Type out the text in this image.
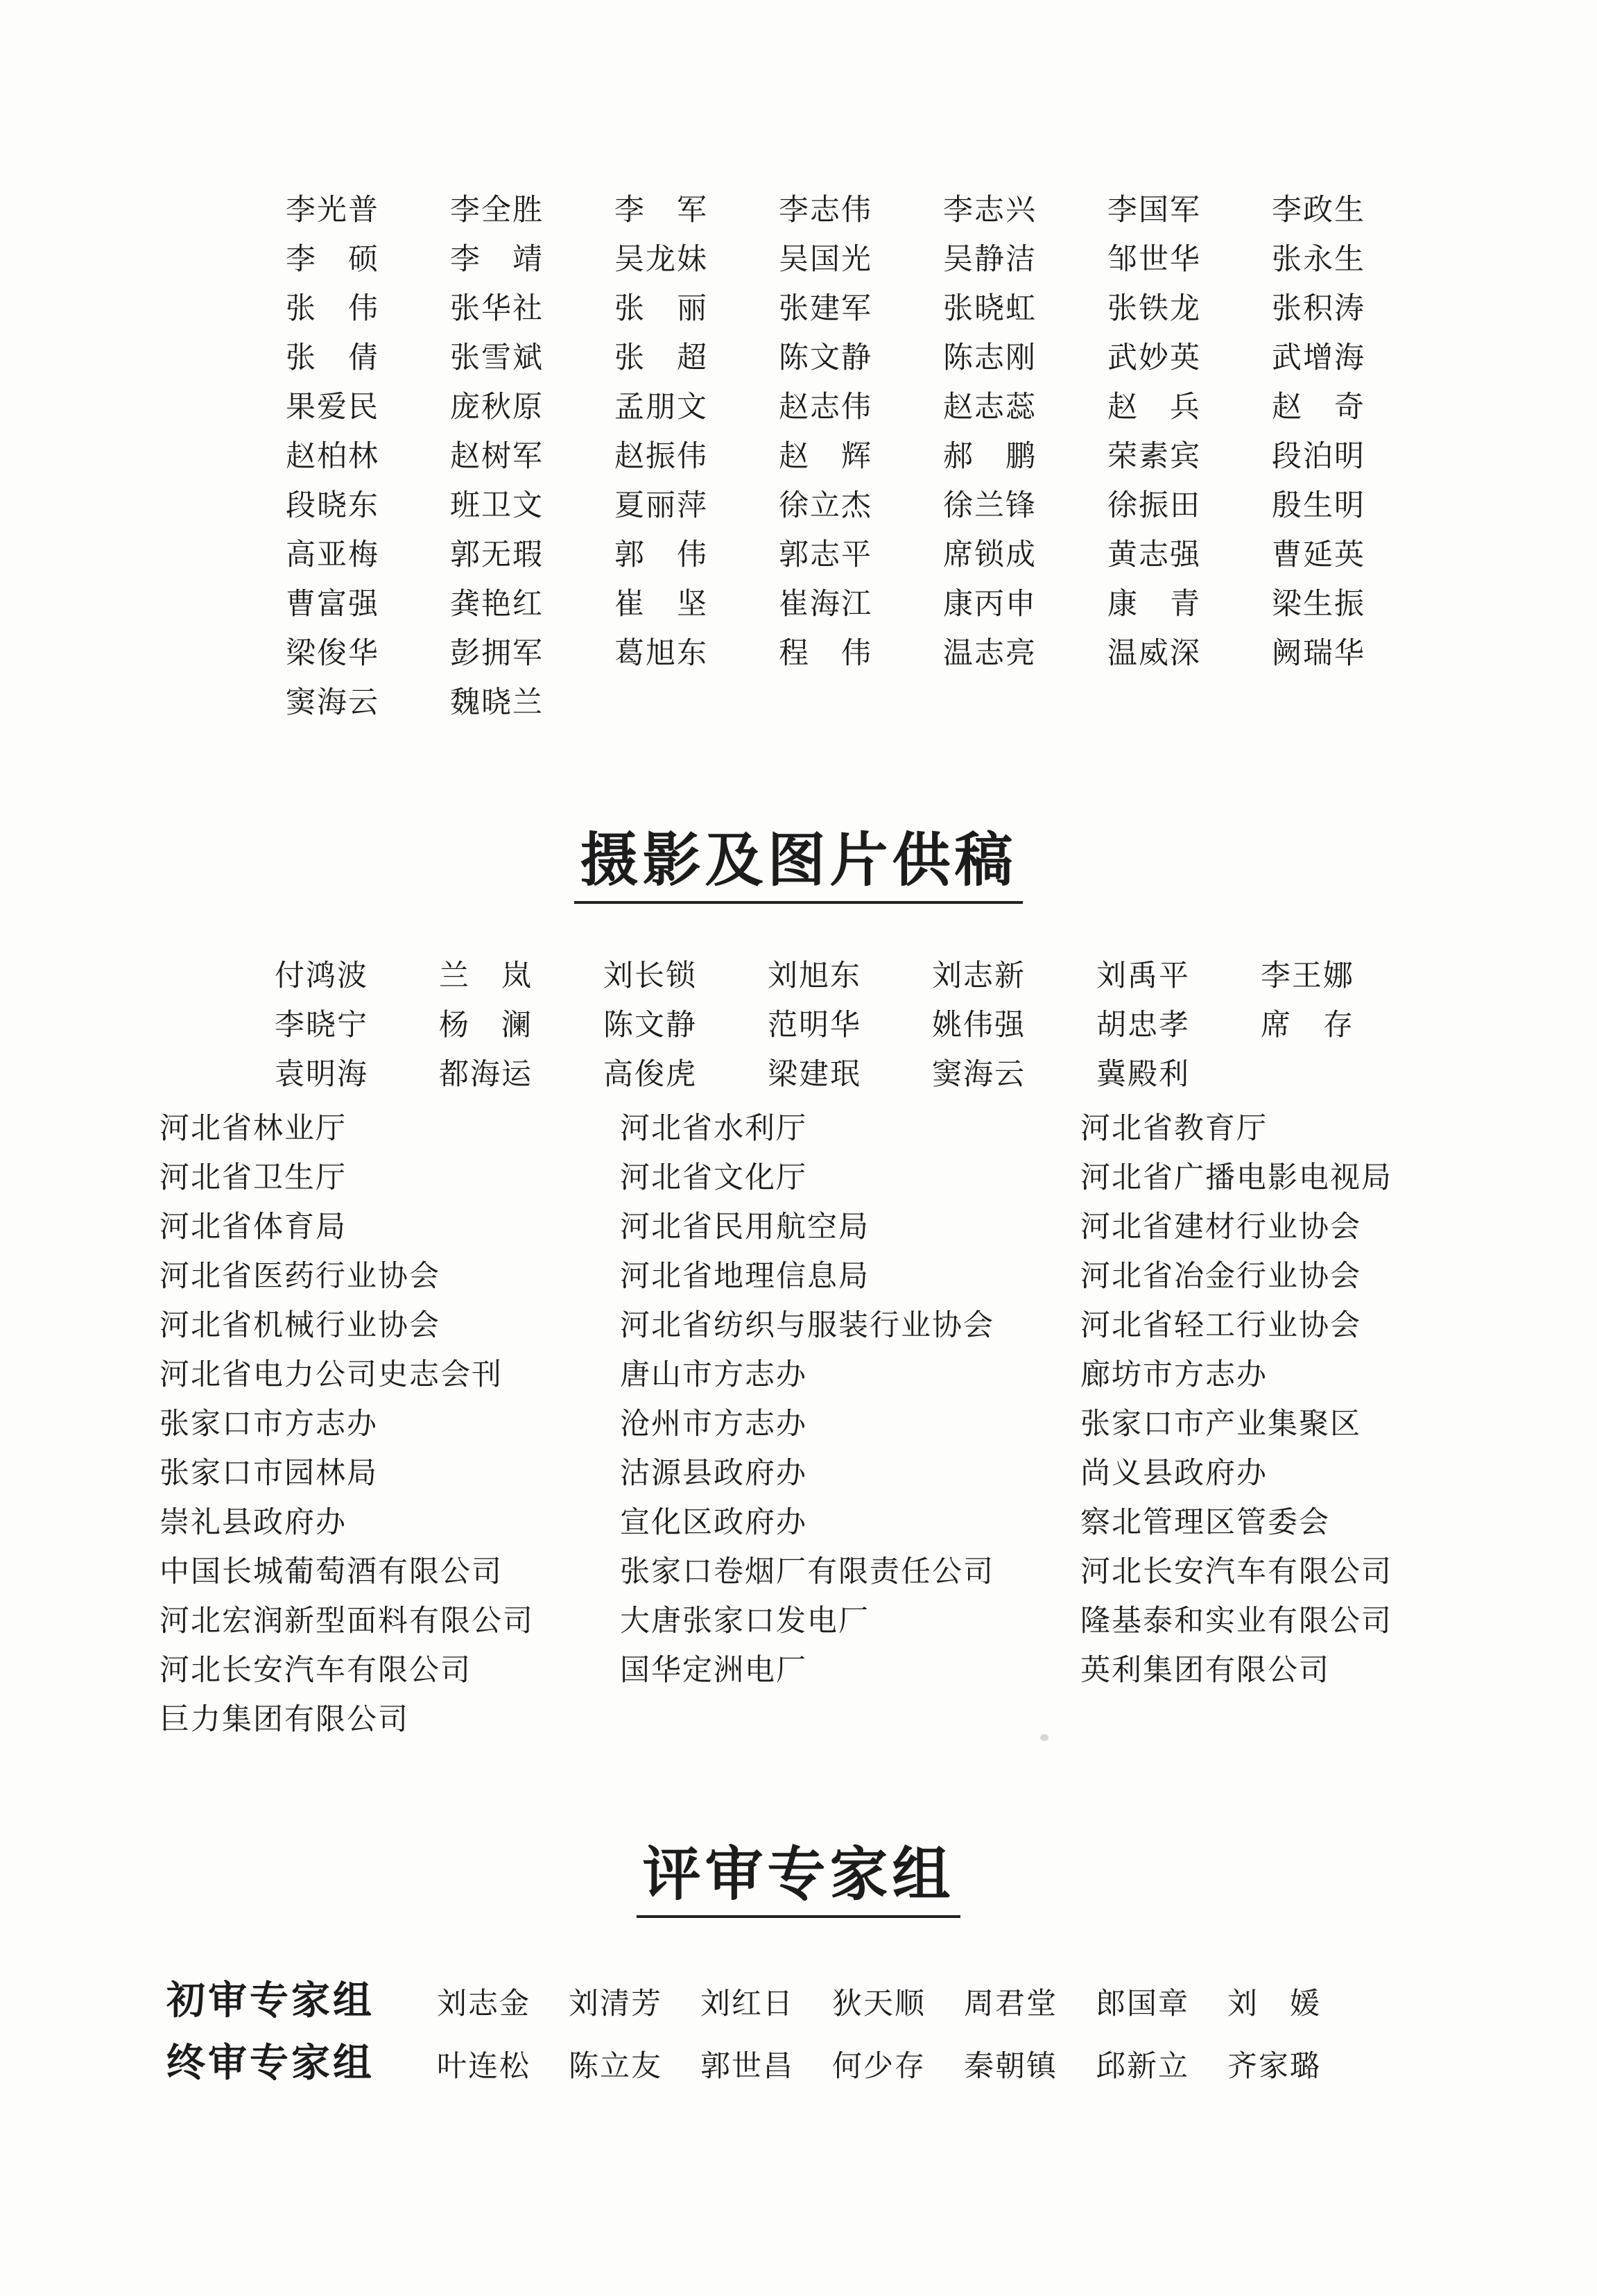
李光普	李全胜	李　军	李志伟	李志兴	李国军	李政生
李　硕	李　靖	吴龙妹	吴国光	吴静洁	邹世华	张永生
张　伟	张华社	张　丽	张建军	张晓虹	张铁龙	张积涛
张　倩	张雪斌	张　超	陈文静	陈志刚	武妙英	武增海
果爱民	庞秋原	孟朋文	赵志伟	赵志蕊	赵　兵	赵　奇
赵柏林	赵树军	赵振伟	赵　辉	郝　鹏	荣素宾	段泊明
段晓东	班卫文	夏丽萍	徐立杰	徐兰锋	徐振田	殷生明
高亚梅	郭无瑕	郭　伟	郭志平	席锁成	黄志强	曹延英
曹富强	龚艳红	崔　坚	崔海江	康丙申	康　青	梁生振
梁俊华	彭拥军	葛旭东	程　伟	温志亮	温威深	阙瑞华
窦海云	魏晓兰
摄影及图片供稿
付鸿波	兰　岚	刘长锁	刘旭东	刘志新	刘禹平	李王娜
李晓宁	杨　澜	陈文静	范明华	姚伟强	胡忠孝	席　存
袁明海	都海运	高俊虎	梁建珉	窦海云	冀殿利
河北省林业厅	河北省水利厅	河北省教育厅
河北省卫生厅	河北省文化厅	河北省广播电影电视局
河北省体育局	河北省民用航空局	河北省建材行业协会
河北省医药行业协会	河北省地理信息局	河北省冶金行业协会
河北省机械行业协会	河北省纺织与服装行业协会	河北省轻工行业协会
河北省电力公司史志会刊	唐山市方志办	廊坊市方志办
张家口市方志办	沧州市方志办	张家口市产业集聚区
张家口市园林局	沽源县政府办	尚义县政府办
崇礼县政府办	宣化区政府办	察北管理区管委会
中国长城葡萄酒有限公司	张家口卷烟厂有限责任公司	河北长安汽车有限公司
河北宏润新型面料有限公司	大唐张家口发电厂	隆基泰和实业有限公司
河北长安汽车有限公司	国华定洲电厂	英利集团有限公司
巨力集团有限公司
评审专家组
初审专家组	刘志金	刘清芳	刘红日	狄天顺	周君堂	郎国章	刘　媛
终审专家组	叶连松	陈立友	郭世昌	何少存	秦朝镇	邱新立	齐家璐
